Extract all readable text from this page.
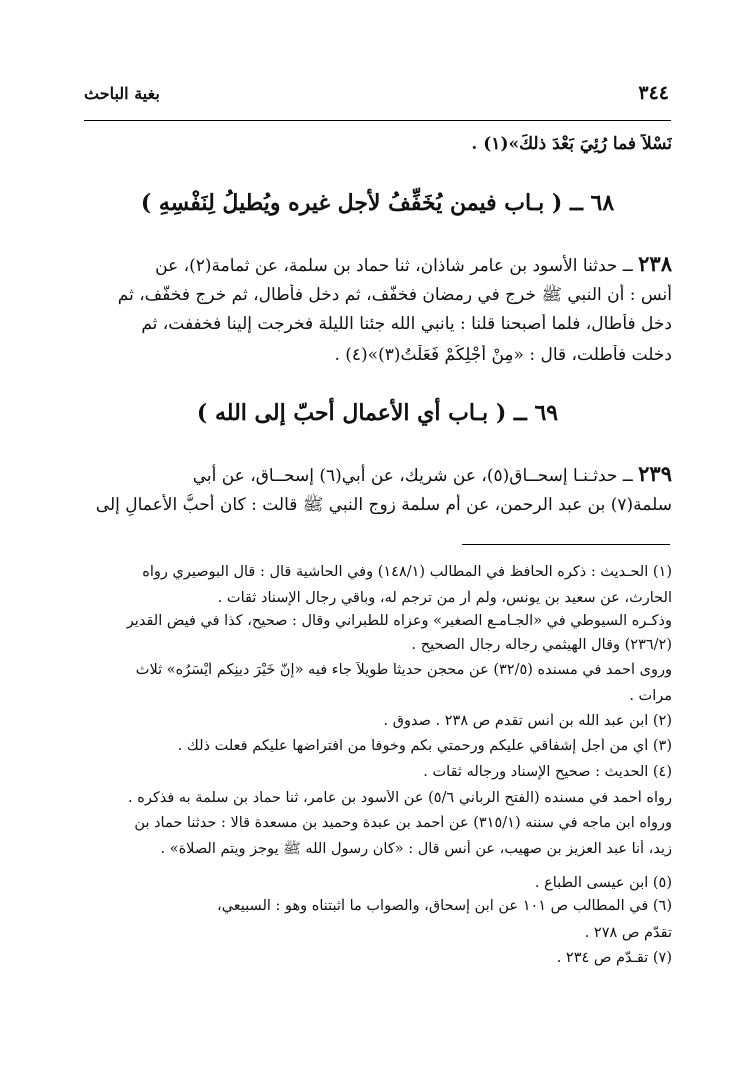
٣٤٤
بغية الباحث
نَسْلاً فما رُئِيَ بَعْدَ ذلكَ»(١) .
٦٨ ــ ( بـاب فيمن يُخَفِّفُ لأجل غيره ويُطيلُ لِنَفْسِهِ )
٢٣٨ ــ حدثنا الأسود بن عامر شاذان، ثنا حماد بن سلمة، عن ثمامة(٢)، عن
أنس : أن النبي ﷺ خرج في رمضان فخفّف، ثم دخل فأطال، ثم خرج فخفّف، ثم
دخل فأطال، فلما أصبحنا قلنا : يانبي الله جئنا الليلة فخرجت إلينا فخففت، ثم
دخلت فأطلت، قال : «مِنْ أَجْلِكُمْ فَعَلْتُ(٣)»(٤) .
٦٩ ــ ( بـاب أي الأعمال أحبّ إلى الله )
٢٣٩ ــ حدثـنـا إسحــاق(٥)، عن شريك، عن أبي(٦) إسحــاق، عن أبي
سلمة(٧) بن عبد الرحمن، عن أم سلمة زوج النبي ﷺ قالت : كان أحبُّ الأعمالِ إلى
(١) الحـديث : ذكره الحافظ في المطالب (١٤٨/١) وفي الحاشية قال : قال البوصيري رواه
الحارث، عن سعيد بن يونس، ولم أر من ترجم له، وباقي رجال الإسناد ثقات .
وذكـره السيوطي في «الجـامـع الصغير» وعزاه للطبراني وقال : صحيح، كذا في فيض القدير
(٢٣٦/٢) وقال الهيثمي رجاله رجال الصحيح .
وروى أحمد في مسنده (٣٢/٥) عن محجن حديثاً طويلاً جاء فيه «إنَّ خَيْرَ دينِكم أَيْسَرُه» ثلاث
مرات .
(٢) ابن عبد الله بن أنس تقدم ص ٢٣٨ . صدوق .
(٣) أي من أجل إشفاقي عليكم ورحمتي بكم وخوفاً من افتراضها عليكم فعلت ذلك .
(٤) الحديث : صحيح الإسناد ورجاله ثقات .
رواه أحمد في مسنده (الفتح الرباني ٥/٦) عن الأسود بن عامر، ثنا حماد بن سلمة به فذكره .
ورواه ابن ماجه في سننه (٣١٥/١) عن أحمد بن عبدة وحميد بن مسعدة قالا : حدثنا حماد بن
زيد، أنا عبد العزيز بن صهيب، عن أنس قال : «كان رسول الله ﷺ يوجز ويتم الصلاة» .
(٥) ابن عيسى الطباع .
(٦) في المطالب ص ١٠١ عن ابن إسحاق، والصواب ما أثبتناه وهو : السبيعي،
تقدّم ص ٢٧٨ .
(٧) تقـدّم ص ٢٣٤ .
